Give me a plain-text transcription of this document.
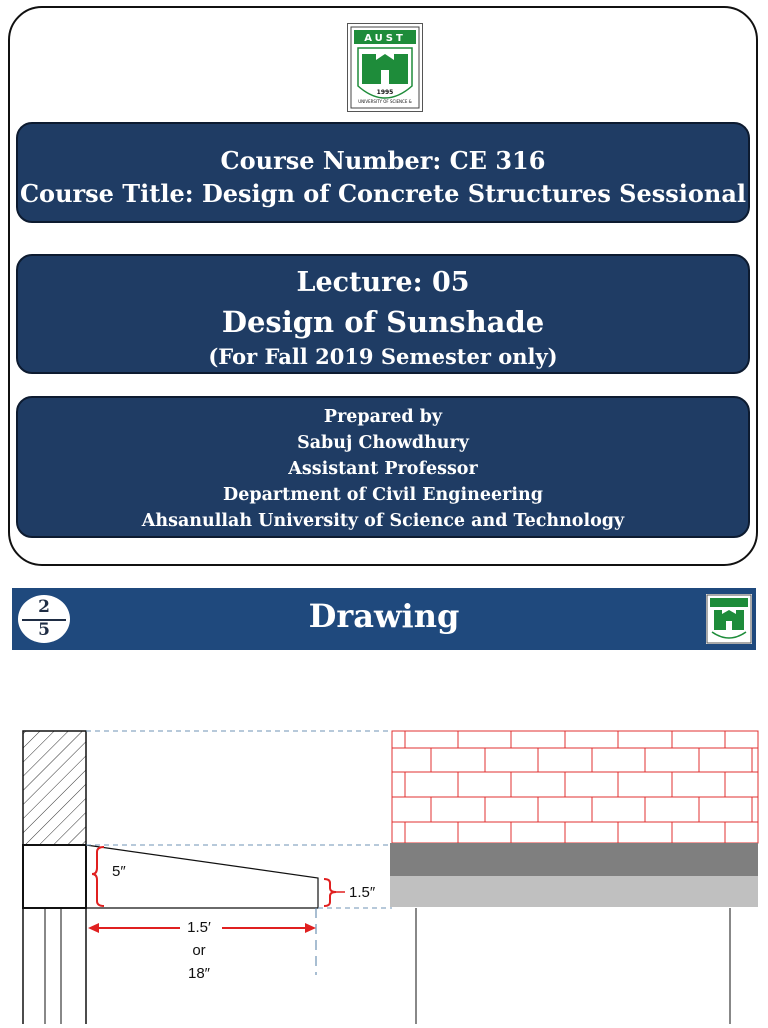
AUST
1995
UNIVERSITY OF SCIENCE &
Course Number: CE 316
Course Title: Design of Concrete Structures Sessional
Lecture: 05
Design of Sunshade
(For Fall 2019 Semester only)
Prepared by
Sabuj Chowdhury
Assistant Professor
Department of Civil Engineering
Ahsanullah University of Science and Technology
Drawing
2
5
5″
1.5″
1.5′
or
18″
